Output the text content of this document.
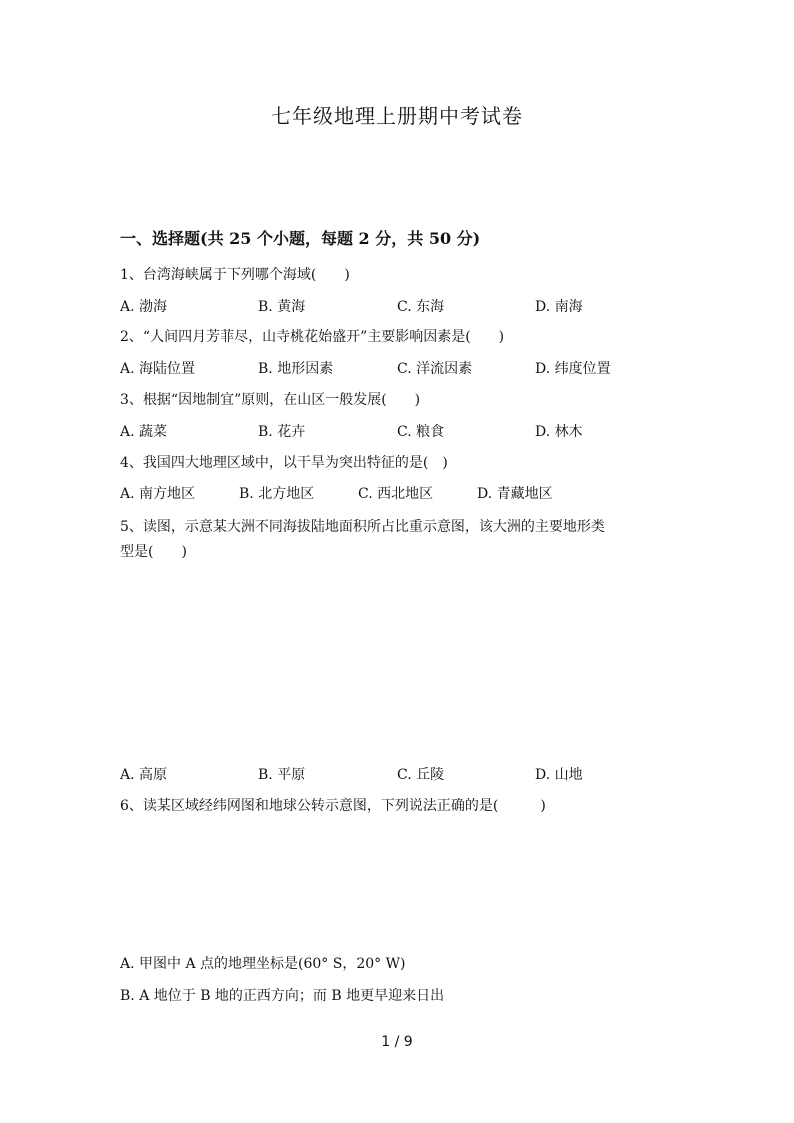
七年级地理上册期中考试卷
一、选择题(共 25 个小题，每题 2 分，共 50 分)
1、台湾海峡属于下列哪个海域(　　)
A. 渤海	B. 黄海	C. 东海	D. 南海
2、“人间四月芳菲尽，山寺桃花始盛开”主要影响因素是(　　)
A. 海陆位置	B. 地形因素	C. 洋流因素	D. 纬度位置
3、根据“因地制宜”原则，在山区一般发展(　　)
A. 蔬菜	B. 花卉	C. 粮食	D. 林木
4、我国四大地理区域中，以干旱为突出特征的是(　)
A. 南方地区	B. 北方地区	C. 西北地区	D. 青藏地区
5、读图，示意某大洲不同海拔陆地面积所占比重示意图，该大洲的主要地形类
型是(　　)
A. 高原	B. 平原	C. 丘陵	D. 山地
6、读某区域经纬网图和地球公转示意图，下列说法正确的是(　　　)
A. 甲图中 A 点的地理坐标是(60° S，20° W)
B. A 地位于 B 地的正西方向；而 B 地更早迎来日出
1 / 9
